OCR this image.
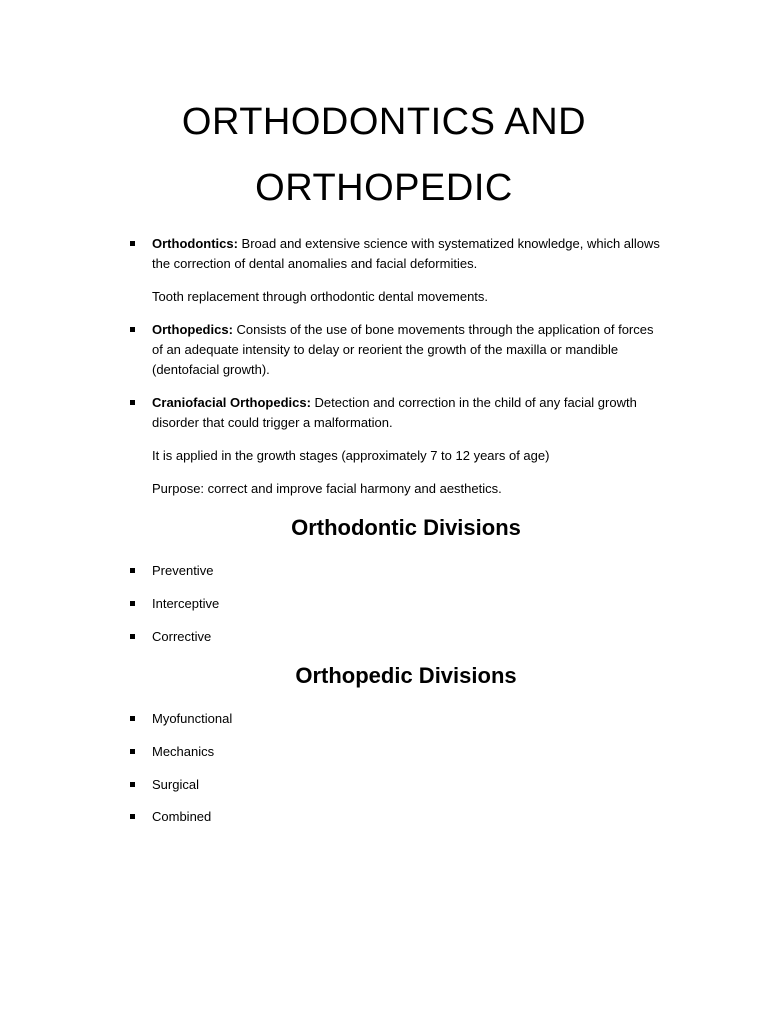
ORTHODONTICS AND
ORTHOPEDIC
Orthodontics: Broad and extensive science with systematized knowledge, which allows the correction of dental anomalies and facial deformities.
Tooth replacement through orthodontic dental movements.
Orthopedics: Consists of the use of bone movements through the application of forces of an adequate intensity to delay or reorient the growth of the maxilla or mandible (dentofacial growth).
Craniofacial Orthopedics: Detection and correction in the child of any facial growth disorder that could trigger a malformation.
It is applied in the growth stages (approximately 7 to 12 years of age)
Purpose: correct and improve facial harmony and aesthetics.
Orthodontic Divisions
Preventive
Interceptive
Corrective
Orthopedic Divisions
Myofunctional
Mechanics
Surgical
Combined
